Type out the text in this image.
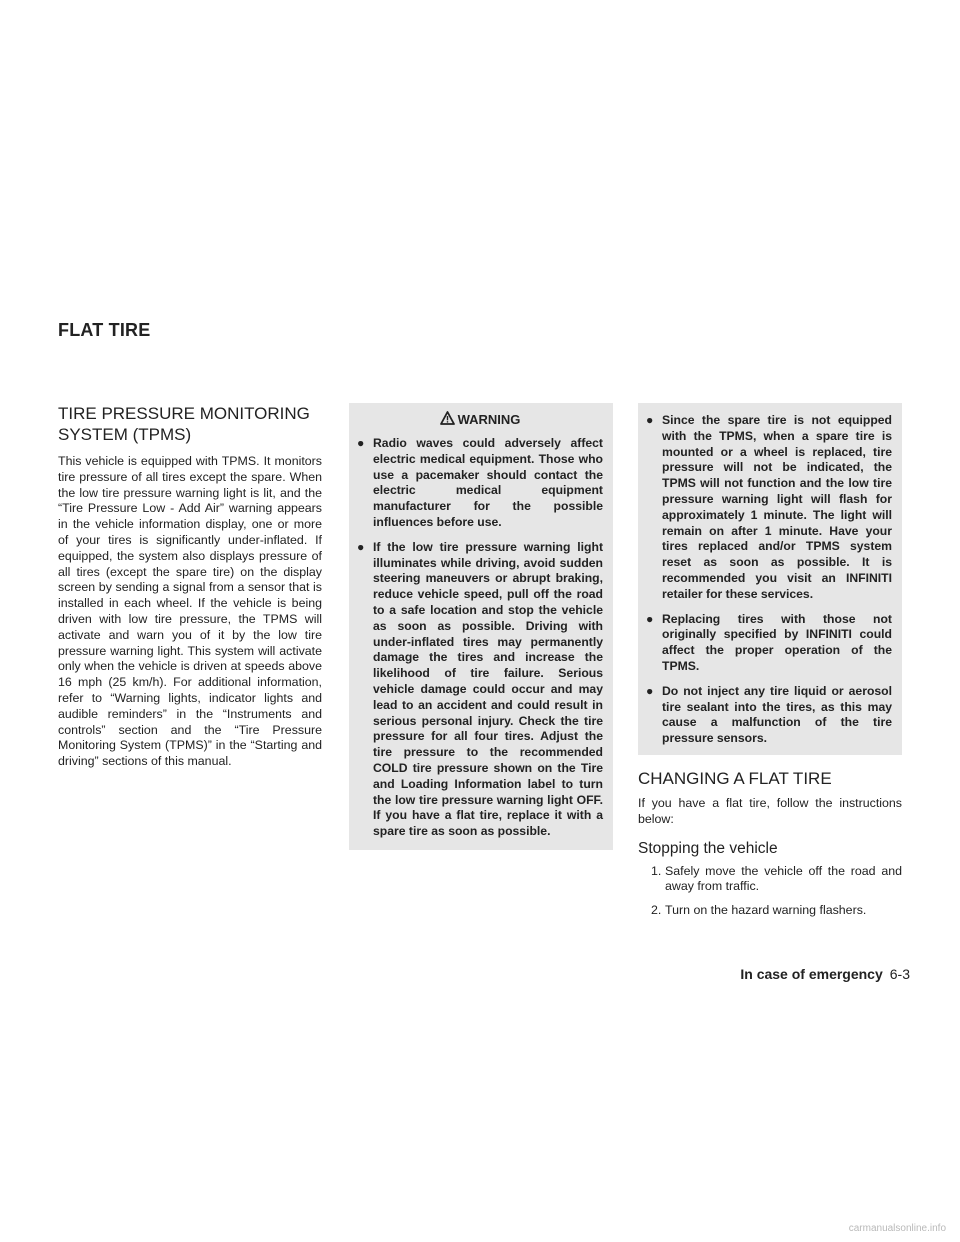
FLAT TIRE
TIRE PRESSURE MONITORING
SYSTEM (TPMS)

This vehicle is equipped with TPMS. It monitors tire pressure of all tires except the spare. When the low tire pressure warning light is lit, and the “Tire Pressure Low - Add Air” warning appears in the vehicle information display, one or more of your tires is significantly under-inflated. If equipped, the system also displays pressure of all tires (except the spare tire) on the display screen by sending a signal from a sensor that is installed in each wheel. If the vehicle is being driven with low tire pressure, the TPMS will activate and warn you of it by the low tire pressure warning light. This system will activate only when the vehicle is driven at speeds above 16 mph (25 km/h). For additional information, refer to “Warning lights, indicator lights and audible reminders” in the “Instruments and controls” section and the “Tire Pressure Monitoring System (TPMS)” in the “Starting and driving” sections of this manual.

WARNING
● Radio waves could adversely affect electric medical equipment. Those who use a pacemaker should contact the electric medical equipment manufacturer for the possible influences before use.
● If the low tire pressure warning light illuminates while driving, avoid sudden steering maneuvers or abrupt braking, reduce vehicle speed, pull off the road to a safe location and stop the vehicle as soon as possible. Driving with under-inflated tires may permanently damage the tires and increase the likelihood of tire failure. Serious vehicle damage could occur and may lead to an accident and could result in serious personal injury. Check the tire pressure for all four tires. Adjust the tire pressure to the recommended COLD tire pressure shown on the Tire and Loading Information label to turn the low tire pressure warning light OFF. If you have a flat tire, replace it with a spare tire as soon as possible.
● Since the spare tire is not equipped with the TPMS, when a spare tire is mounted or a wheel is replaced, tire pressure will not be indicated, the TPMS will not function and the low tire pressure warning light will flash for approximately 1 minute. The light will remain on after 1 minute. Have your tires replaced and/or TPMS system reset as soon as possible. It is recommended you visit an INFINITI retailer for these services.
● Replacing tires with those not originally specified by INFINITI could affect the proper operation of the TPMS.
● Do not inject any tire liquid or aerosol tire sealant into the tires, as this may cause a malfunction of the tire pressure sensors.
CHANGING A FLAT TIRE

If you have a flat tire, follow the instructions below:

Stopping the vehicle
1. Safely move the vehicle off the road and away from traffic.
2. Turn on the hazard warning flashers.
In case of emergency 6-3
carmanualsonline.info
